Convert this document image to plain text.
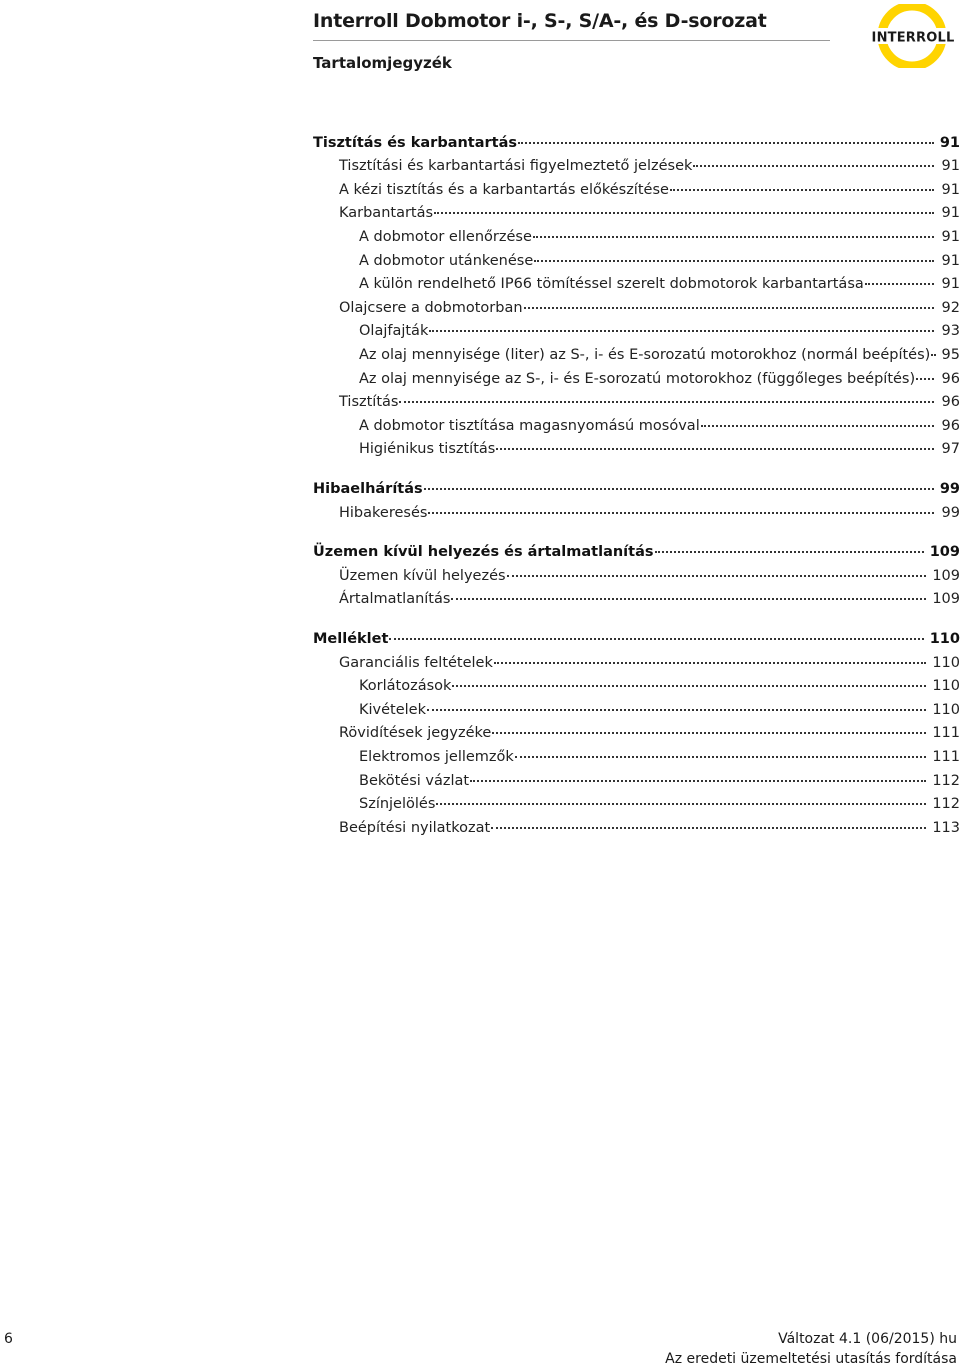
Interroll Dobmotor i-, S-, S/A-, és D-sorozat
Tartalomjegyzék
INTERROLL
Tisztítás és karbantartás	91
Tisztítási és karbantartási figyelmeztető jelzések	91
A kézi tisztítás és a karbantartás előkészítése	91
Karbantartás	91
A dobmotor ellenőrzése	91
A dobmotor utánkenése	91
A külön rendelhető IP66 tömítéssel szerelt dobmotorok karbantartása	91
Olajcsere a dobmotorban	92
Olajfajták	93
Az olaj mennyisége (liter) az S-, i- és E-sorozatú motorokhoz (normál beépítés) 95
Az olaj mennyisége az S-, i- és E-sorozatú motorokhoz (függőleges beépítés)	96
Tisztítás	96
A dobmotor tisztítása magasnyomású mosóval	96
Higiénikus tisztítás	97
Hibaelhárítás	99
Hibakeresés	99
Üzemen kívül helyezés és ártalmatlanítás	109
Üzemen kívül helyezés	109
Ártalmatlanítás	109
Melléklet	110
Garanciális feltételek	110
Korlátozások	110
Kivételek	110
Rövidítések jegyzéke	111
Elektromos jellemzők	111
Bekötési vázlat	112
Színjelölés	112
Beépítési nyilatkozat	113
6	Változat 4.1 (06/2015) hu
Az eredeti üzemeltetési utasítás fordítása
